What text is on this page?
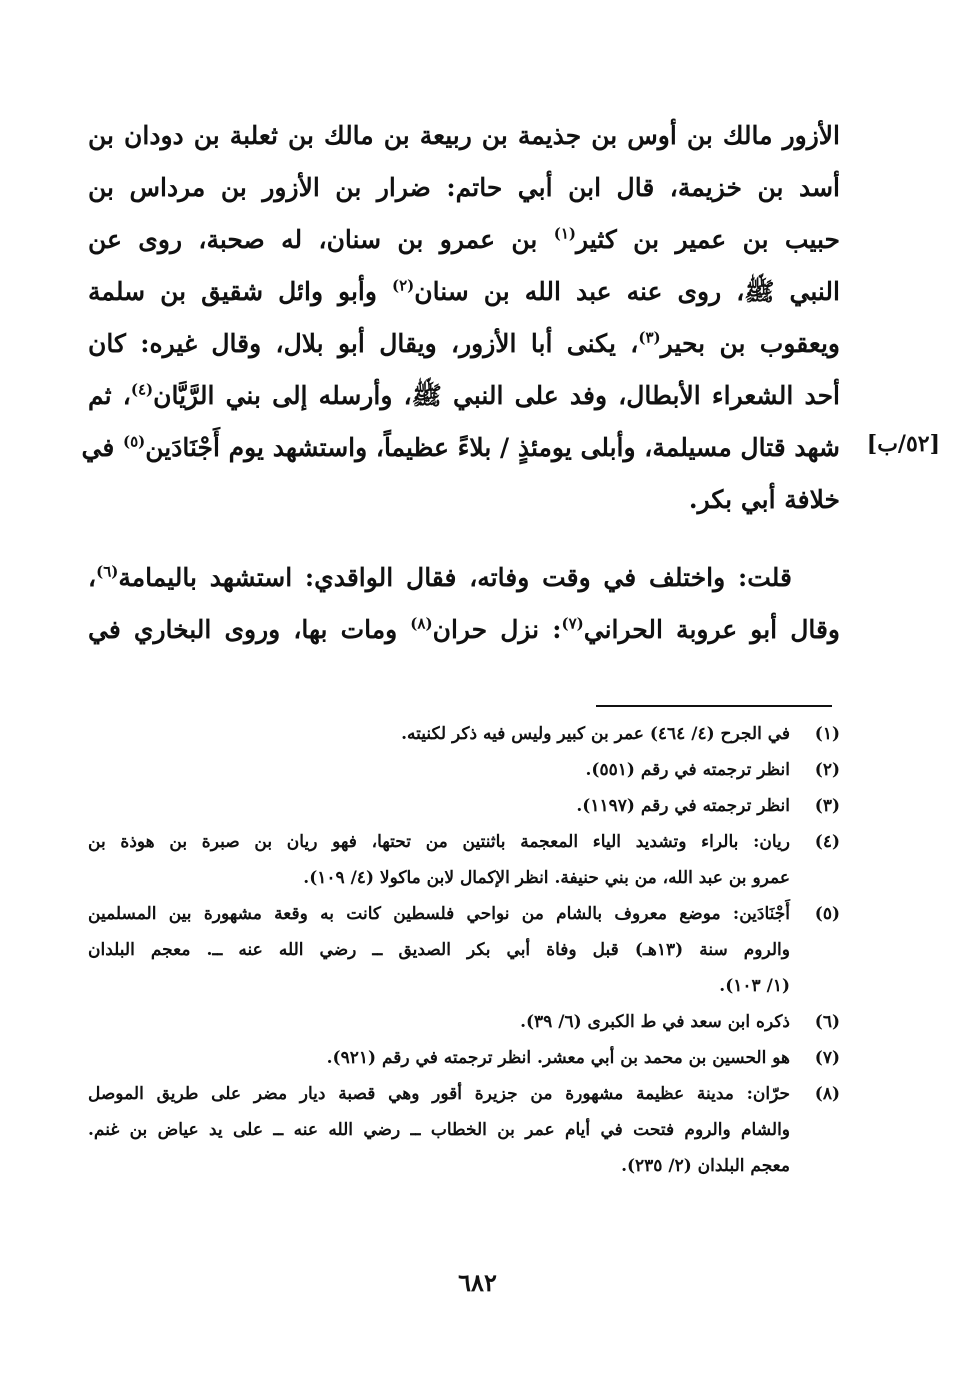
الأزور مالك بن أوس بن جذيمة بن ربيعة بن مالك بن ثعلبة بن دودان بن
أسد بن خزيمة، قال ابن أبي حاتم: ضرار بن الأزور بن مرداس بن
حبيب بن عمير بن كثير$^{(١)}$ بن عمرو بن سنان، له صحبة، روى عن
النبي ﷺ، روى عنه عبد الله بن سنان$^{(٢)}$ وأبو وائل شقيق بن سلمة
ويعقوب بن بحير$^{(٣)}$، يكنى أبا الأزور، ويقال أبو بلال، وقال غيره: كان
أحد الشعراء الأبطال، وفد على النبي ﷺ، وأرسله إلى بني الرَّيَّان$^{(٤)}$، ثم
شهد قتال مسيلمة، وأبلى يومئذٍ / بلاءً عظيماً، واستشهد يوم أَجْنَادَين$^{(٥)}$ في
خلافة أبي بكر.
قلت: واختلف في وقت وفاته، فقال الواقدي: استشهد باليمامة$^{(٦)}$،
وقال أبو عروبة الحراني$^{(٧)}$: نزل حران$^{(٨)}$ ومات بها، وروى البخاري في
[٥٢/ب]
(١)
في الجرح (٤/ ٤٦٤) عمر بن كبير وليس فيه ذكر لكنيته.
(٢)
انظر ترجمته في رقم (٥٥١).
(٣)
انظر ترجمته في رقم (١١٩٧).
(٤)
ريان: بالراء وتشديد الياء المعجمة باثنتين من تحتها، فهو ريان بن صبرة بن هوذة بن
عمرو بن عبد الله، من بني حنيفة. انظر الإكمال لابن ماكولا (٤/ ١٠٩).
(٥)
أَجْنَادَين: موضع معروف بالشام من نواحي فلسطين كانت به وقعة مشهورة بين المسلمين
والروم سنة (١٣هـ) قبل وفاة أبي بكر الصديق ــ رضي الله عنه ــ. معجم البلدان
(١/ ١٠٣).
(٦)
ذكره ابن سعد في ط الكبرى (٦/ ٣٩).
(٧)
هو الحسين بن محمد بن أبي معشر. انظر ترجمته في رقم (٩٢١).
(٨)
حرّان: مدينة عظيمة مشهورة من جزيرة أقور وهي قصبة ديار مضر على طريق الموصل
والشام والروم فتحت في أيام عمر بن الخطاب ــ رضي الله عنه ــ على يد عياض بن غنم.
معجم البلدان (٢/ ٢٣٥).
٦٨٢
